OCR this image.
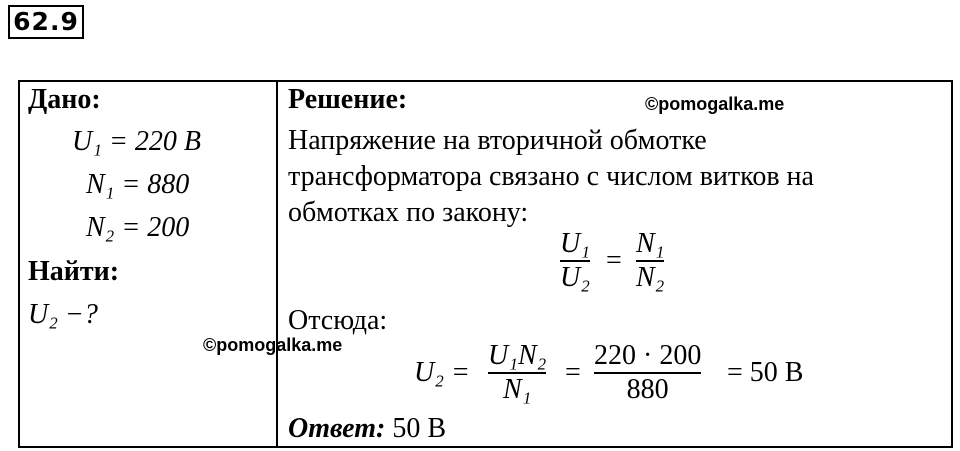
62.9
Дано:
U₁ = 220 В
N₁ = 880
N₂ = 200
Найти:
U₂ −?
Решение:
Напряжение на вторичной обмотке
трансформатора связано с числом витков на
обмотках по закону:
U₁
U₂
=
N₁
N₂
Отсюда:
U₂ =
U₁N₂
N₁
=
220 · 200
880
= 50 В
Ответ: 50 В
©pomogalka.me
©pomogalka.me
